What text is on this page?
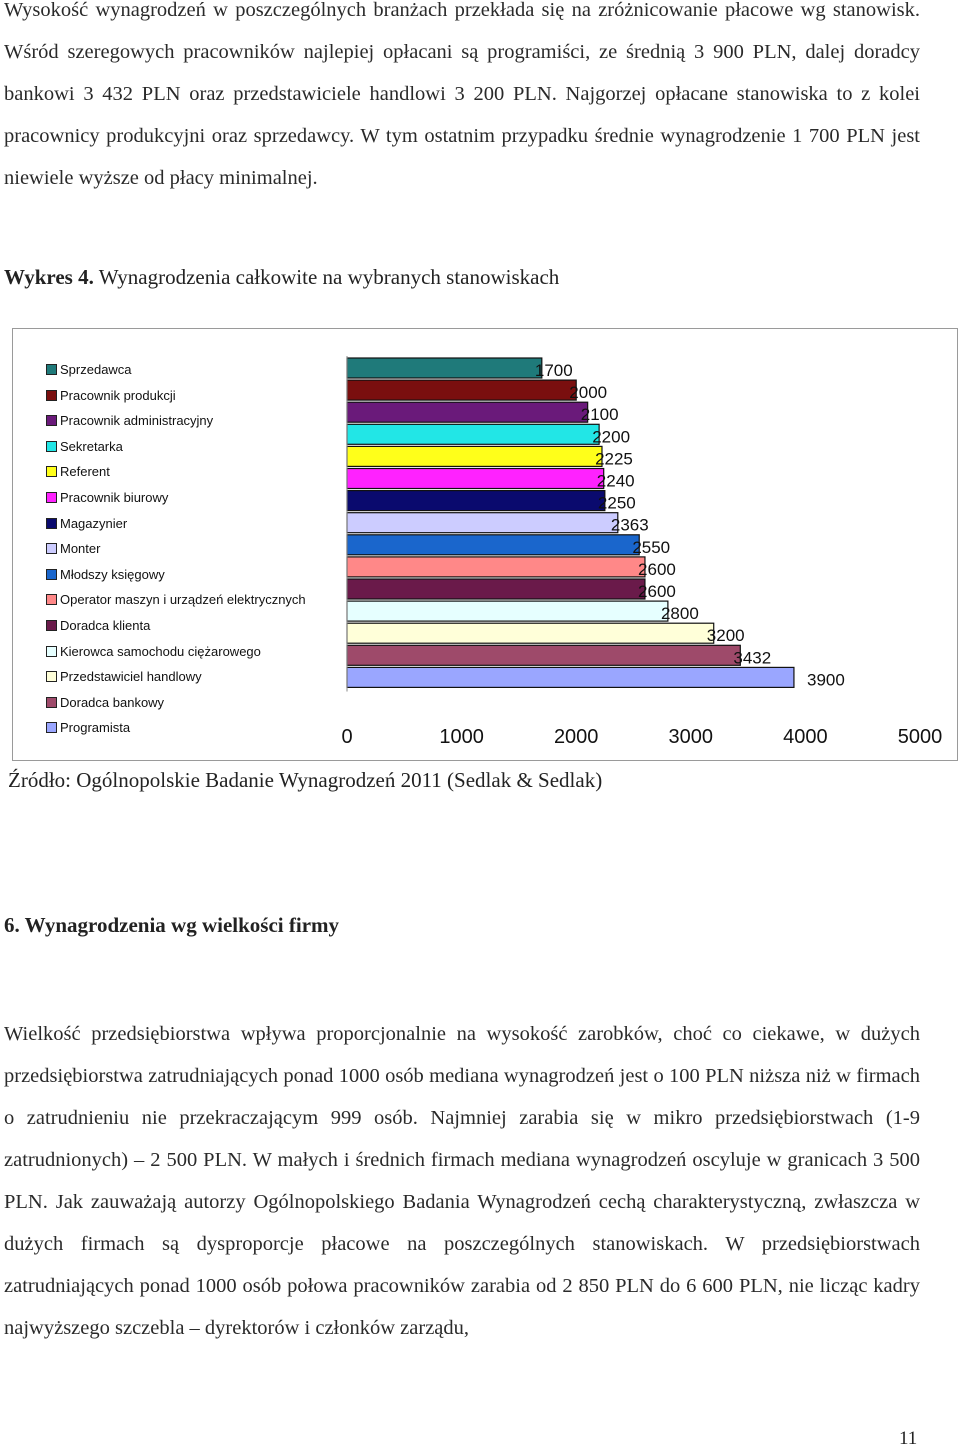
Wysokość wynagrodzeń w poszczególnych branżach przekłada się na zróżnicowanie płacowe wg stanowisk. Wśród szeregowych pracowników najlepiej opłacani są programiści, ze średnią 3 900 PLN, dalej doradcy bankowi 3 432 PLN oraz przedstawiciele handlowi 3 200 PLN. Najgorzej opłacane stanowiska to z kolei pracownicy produkcyjni oraz sprzedawcy. W tym ostatnim przypadku średnie wynagrodzenie 1 700 PLN jest niewiele wyższe od płacy minimalnej.

Wykres 4. Wynagrodzenia całkowite na wybranych stanowiskach

Sprzedawca
Pracownik produkcji
Pracownik administracyjny
Sekretarka
Referent
Pracownik biurowy
Magazynier
Monter
Młodszy księgowy
Operator maszyn i urządzeń elektrycznych
Doradca klienta
Kierowca samochodu ciężarowego
Przedstawiciel handlowy
Doradca bankowy
Programista
1700
2000
2100
2200
2225
2240
2250
2363
2550
2600
2600
2800
3200
3432
3900
0	1000	2000	3000	4000	5000

Źródło: Ogólnopolskie Badanie Wynagrodzeń 2011 (Sedlak & Sedlak)

6. Wynagrodzenia wg wielkości firmy

Wielkość przedsiębiorstwa wpływa proporcjonalnie na wysokość zarobków, choć co ciekawe, w dużych przedsiębiorstwa zatrudniających ponad 1000 osób mediana wynagrodzeń jest o 100 PLN niższa niż w firmach o zatrudnieniu nie przekraczającym 999 osób. Najmniej zarabia się w mikro przedsiębiorstwach (1-9 zatrudnionych) – 2 500 PLN. W małych i średnich firmach mediana wynagrodzeń oscyluje w granicach 3 500 PLN. Jak zauważają autorzy Ogólnopolskiego Badania Wynagrodzeń cechą charakterystyczną, zwłaszcza w dużych firmach są dysproporcje płacowe na poszczególnych stanowiskach. W przedsiębiorstwach zatrudniających ponad 1000 osób połowa pracowników zarabia od 2 850 PLN do 6 600 PLN, nie licząc kadry najwyższego szczebla – dyrektorów i członków zarządu,

11
